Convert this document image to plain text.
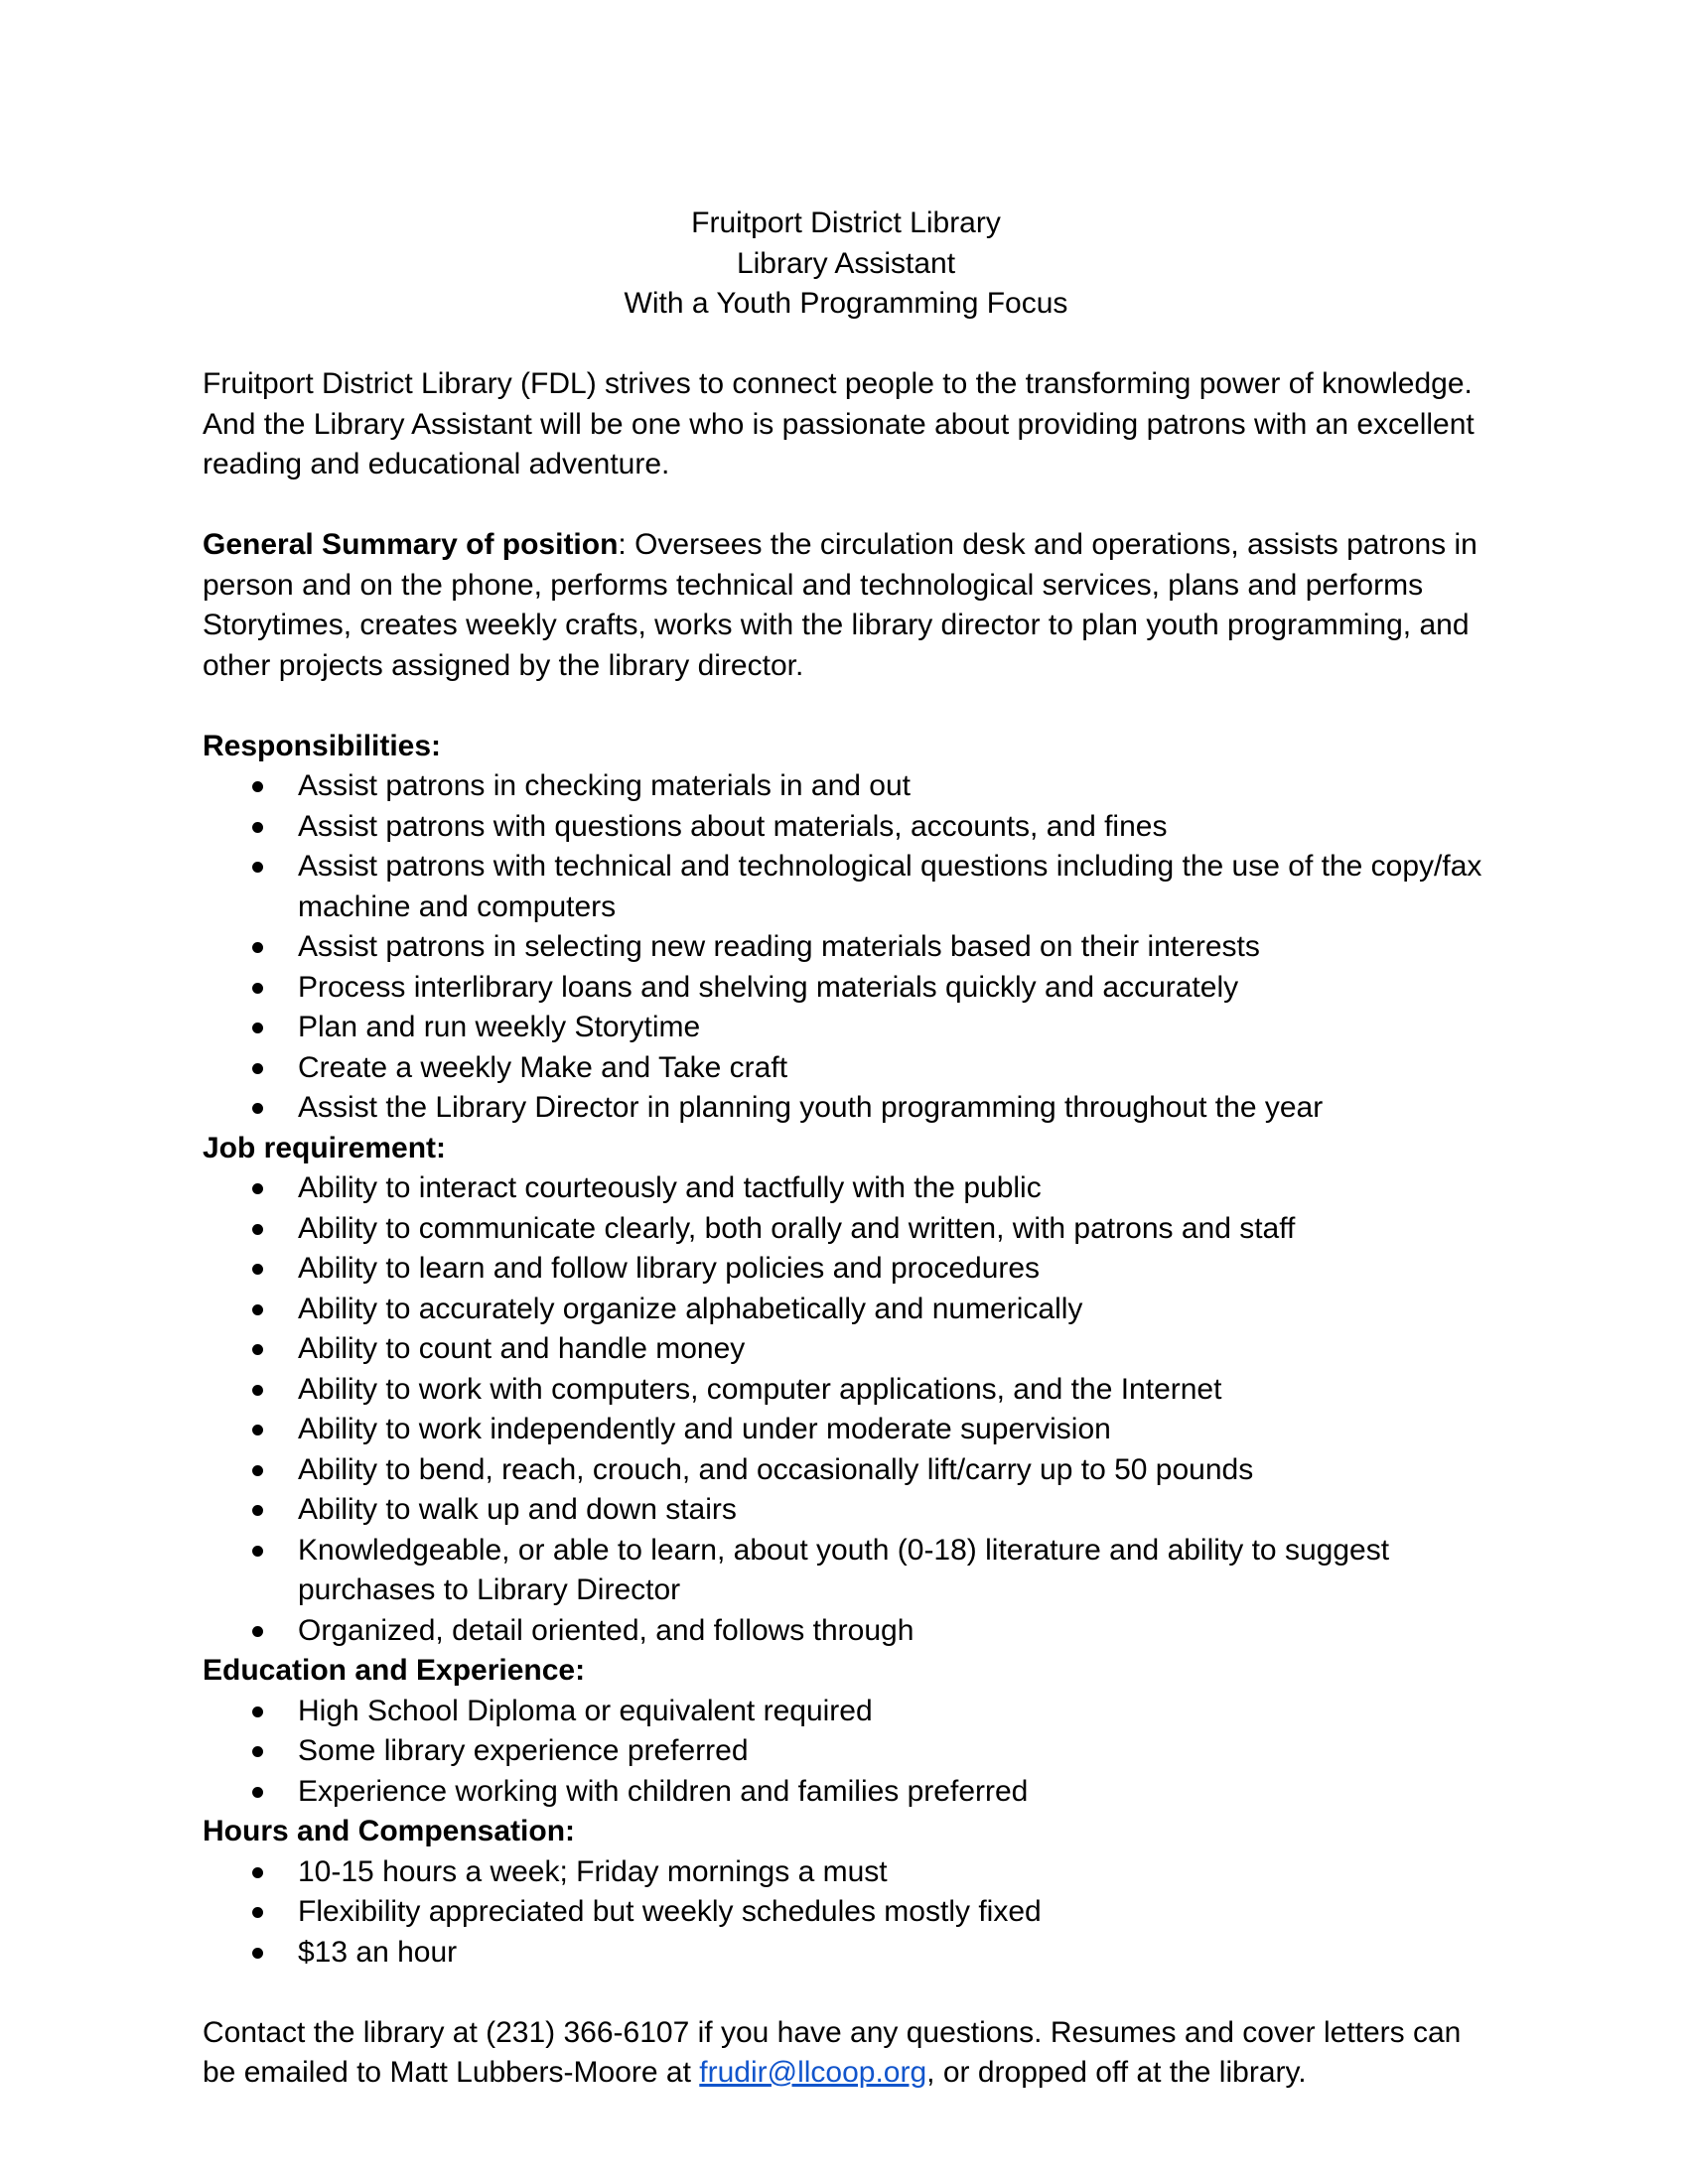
Fruitport District Library
Library Assistant
With a Youth Programming Focus

Fruitport District Library (FDL) strives to connect people to the transforming power of knowledge. And the Library Assistant will be one who is passionate about providing patrons with an excellent reading and educational adventure.

General Summary of position: Oversees the circulation desk and operations, assists patrons in person and on the phone, performs technical and technological services, plans and performs Storytimes, creates weekly crafts, works with the library director to plan youth programming, and other projects assigned by the library director.

Responsibilities:
Assist patrons in checking materials in and out
Assist patrons with questions about materials, accounts, and fines
Assist patrons with technical and technological questions including the use of the copy/fax machine and computers
Assist patrons in selecting new reading materials based on their interests
Process interlibrary loans and shelving materials quickly and accurately
Plan and run weekly Storytime
Create a weekly Make and Take craft
Assist the Library Director in planning youth programming throughout the year
Job requirement:
Ability to interact courteously and tactfully with the public
Ability to communicate clearly, both orally and written, with patrons and staff
Ability to learn and follow library policies and procedures
Ability to accurately organize alphabetically and numerically
Ability to count and handle money
Ability to work with computers, computer applications, and the Internet
Ability to work independently and under moderate supervision
Ability to bend, reach, crouch, and occasionally lift/carry up to 50 pounds
Ability to walk up and down stairs
Knowledgeable, or able to learn, about youth (0-18) literature and ability to suggest purchases to Library Director
Organized, detail oriented, and follows through
Education and Experience:
High School Diploma or equivalent required
Some library experience preferred
Experience working with children and families preferred
Hours and Compensation:
10-15 hours a week; Friday mornings a must
Flexibility appreciated but weekly schedules mostly fixed
$13 an hour

Contact the library at (231) 366-6107 if you have any questions. Resumes and cover letters can be emailed to Matt Lubbers-Moore at frudir@llcoop.org, or dropped off at the library.
